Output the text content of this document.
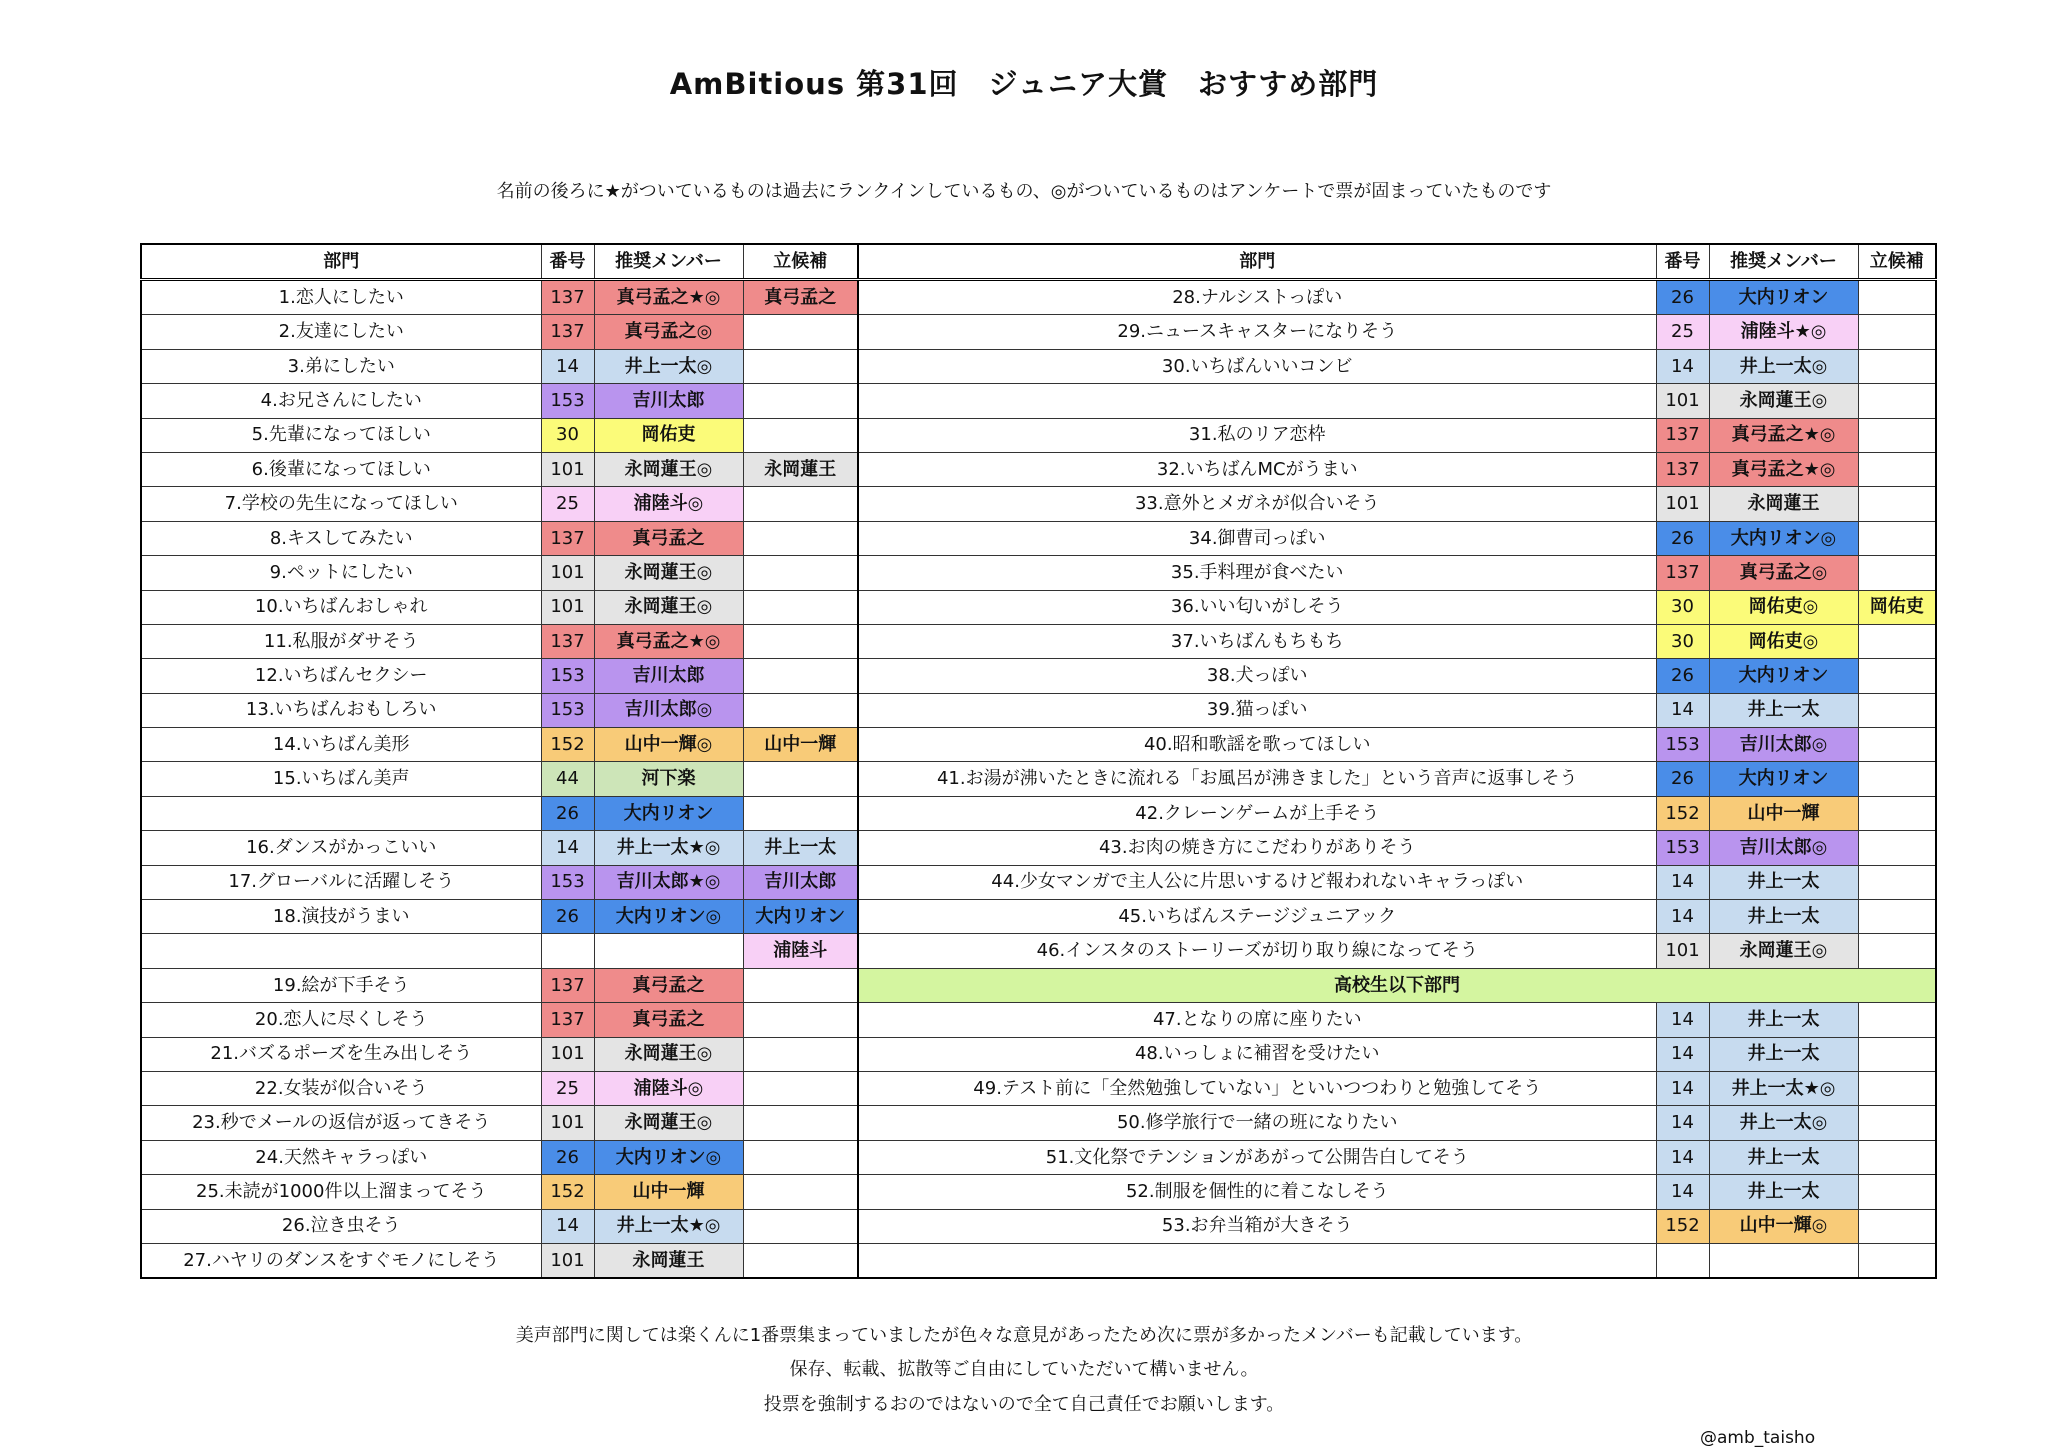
AmBitious 第31回　ジュニア大賞　おすすめ部門
名前の後ろに★がついているものは過去にランクインしているもの、◎がついているものはアンケートで票が固まっていたものです
部門	番号	推奨メンバー	立候補	部門	番号	推奨メンバー	立候補
1.恋人にしたい	137	真弓孟之★◎	真弓孟之	28.ナルシストっぽい	26	大内リオン	
2.友達にしたい	137	真弓孟之◎		29.ニュースキャスターになりそう	25	浦陸斗★◎	
3.弟にしたい	14	井上一太◎		30.いちばんいいコンビ	14	井上一太◎	
4.お兄さんにしたい	153	吉川太郎			101	永岡蓮王◎	
5.先輩になってほしい	30	岡佑吏		31.私のリア恋枠	137	真弓孟之★◎	
6.後輩になってほしい	101	永岡蓮王◎	永岡蓮王	32.いちばんMCがうまい	137	真弓孟之★◎	
7.学校の先生になってほしい	25	浦陸斗◎		33.意外とメガネが似合いそう	101	永岡蓮王	
8.キスしてみたい	137	真弓孟之		34.御曹司っぽい	26	大内リオン◎	
9.ペットにしたい	101	永岡蓮王◎		35.手料理が食べたい	137	真弓孟之◎	
10.いちばんおしゃれ	101	永岡蓮王◎		36.いい匂いがしそう	30	岡佑吏◎	岡佑吏
11.私服がダサそう	137	真弓孟之★◎		37.いちばんもちもち	30	岡佑吏◎	
12.いちばんセクシー	153	吉川太郎		38.犬っぽい	26	大内リオン	
13.いちばんおもしろい	153	吉川太郎◎		39.猫っぽい	14	井上一太	
14.いちばん美形	152	山中一輝◎	山中一輝	40.昭和歌謡を歌ってほしい	153	吉川太郎◎	
15.いちばん美声	44	河下楽		41.お湯が沸いたときに流れる「お風呂が沸きました」という音声に返事しそう	26	大内リオン	
	26	大内リオン		42.クレーンゲームが上手そう	152	山中一輝	
16.ダンスがかっこいい	14	井上一太★◎	井上一太	43.お肉の焼き方にこだわりがありそう	153	吉川太郎◎	
17.グローバルに活躍しそう	153	吉川太郎★◎	吉川太郎	44.少女マンガで主人公に片思いするけど報われないキャラっぽい	14	井上一太	
18.演技がうまい	26	大内リオン◎	大内リオン	45.いちばんステージジュニアック	14	井上一太	
			浦陸斗	46.インスタのストーリーズが切り取り線になってそう	101	永岡蓮王◎	
19.絵が下手そう	137	真弓孟之		高校生以下部門			
20.恋人に尽くしそう	137	真弓孟之		47.となりの席に座りたい	14	井上一太	
21.バズるポーズを生み出しそう	101	永岡蓮王◎		48.いっしょに補習を受けたい	14	井上一太	
22.女装が似合いそう	25	浦陸斗◎		49.テスト前に「全然勉強していない」といいつつわりと勉強してそう	14	井上一太★◎	
23.秒でメールの返信が返ってきそう	101	永岡蓮王◎		50.修学旅行で一緒の班になりたい	14	井上一太◎	
24.天然キャラっぽい	26	大内リオン◎		51.文化祭でテンションがあがって公開告白してそう	14	井上一太	
25.未読が1000件以上溜まってそう	152	山中一輝		52.制服を個性的に着こなしそう	14	井上一太	
26.泣き虫そう	14	井上一太★◎		53.お弁当箱が大きそう	152	山中一輝◎	
27.ハヤリのダンスをすぐモノにしそう	101	永岡蓮王					
美声部門に関しては楽くんに1番票集まっていましたが色々な意見があったため次に票が多かったメンバーも記載しています。
保存、転載、拡散等ご自由にしていただいて構いません。
投票を強制するおのではないので全て自己責任でお願いします。
@amb_taisho
